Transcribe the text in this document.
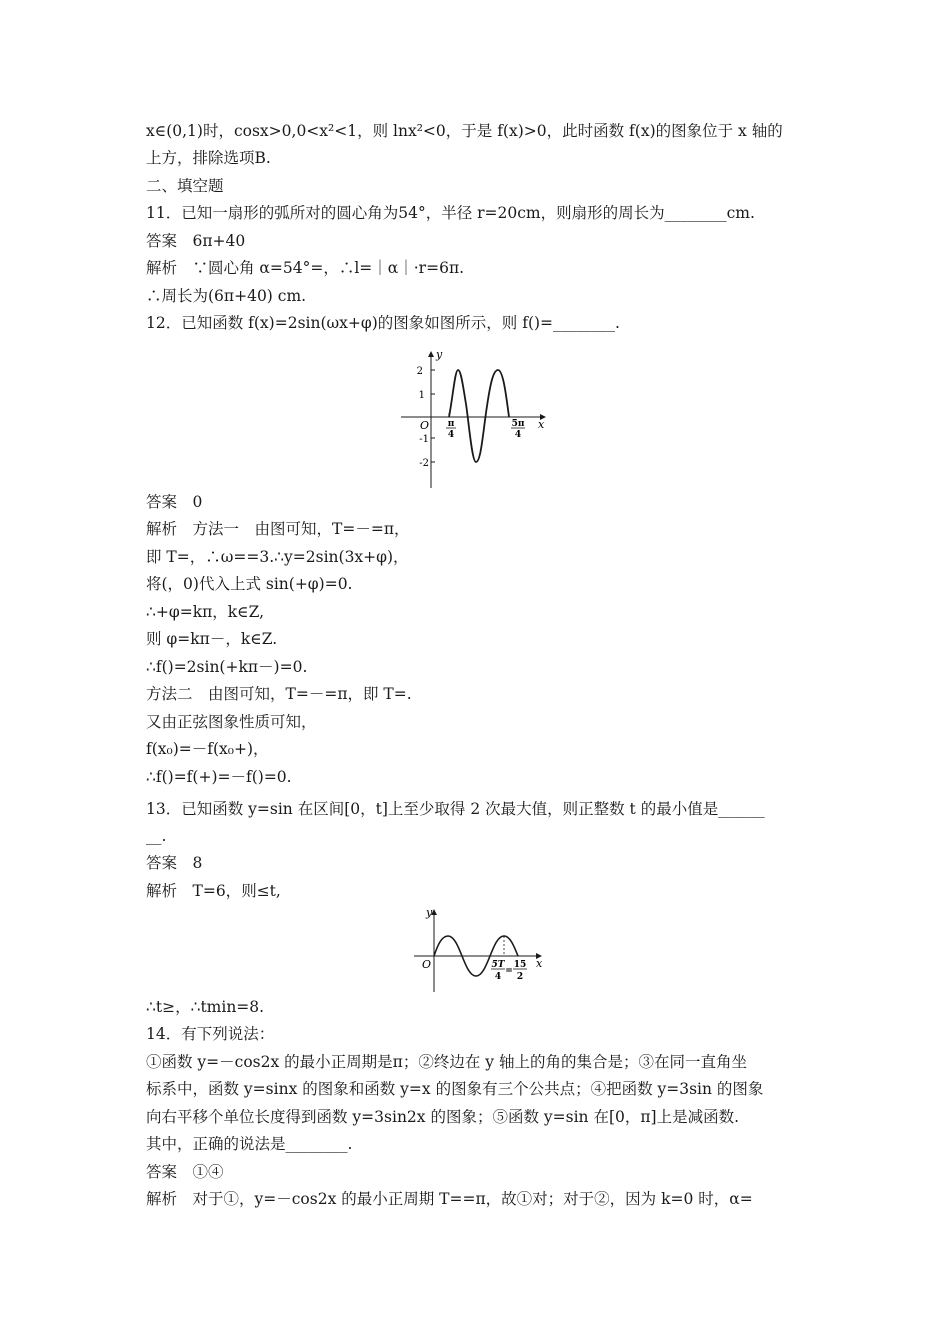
x∈(0,1)时，cosx>0,0<x²<1，则 lnx²<0，于是 f(x)>0，此时函数 f(x)的图象位于 x 轴的
上方，排除选项B.
二、填空题
11．已知一扇形的弧所对的圆心角为54°，半径 r=20cm，则扇形的周长为________cm.
答案　6π+40
解析　∵圆心角 α=54°=，∴l=｜α｜·r=6π.
∴周长为(6π+40) cm.
12．已知函数 f(x)=2sin(ωx+φ)的图象如图所示，则 f()=________.
y
x
O
2
1
-1
-2
π
4
5π
4
答案　0
解析　方法一　由图可知，T=－=π，
即 T=，∴ω==3.∴y=2sin(3x+φ)，
将(，0)代入上式 sin(+φ)=0.
∴+φ=kπ，k∈Z,
则 φ=kπ－，k∈Z.
∴f()=2sin(+kπ－)=0.
方法二　由图可知，T=－=π，即 T=.
又由正弦图象性质可知，
f(x₀)=－f(x₀+)，
∴f()=f(+)=－f()=0.
13．已知函数 y=sin 在区间[0，t]上至少取得 2 次最大值，则正整数 t 的最小值是______
__.
答案　8
解析　T=6，则≤t,
y
x
O	5T
4
=
15
2
∴t≥，∴tmin=8.
14．有下列说法：
①函数 y=－cos2x 的最小正周期是π；②终边在 y 轴上的角的集合是；③在同一直角坐
标系中，函数 y=sinx 的图象和函数 y=x 的图象有三个公共点；④把函数 y=3sin 的图象
向右平移个单位长度得到函数 y=3sin2x 的图象；⑤函数 y=sin 在[0，π]上是减函数.
其中，正确的说法是________.
答案　①④
解析　对于①，y=－cos2x 的最小正周期 T==π，故①对；对于②，因为 k=0 时，α=
